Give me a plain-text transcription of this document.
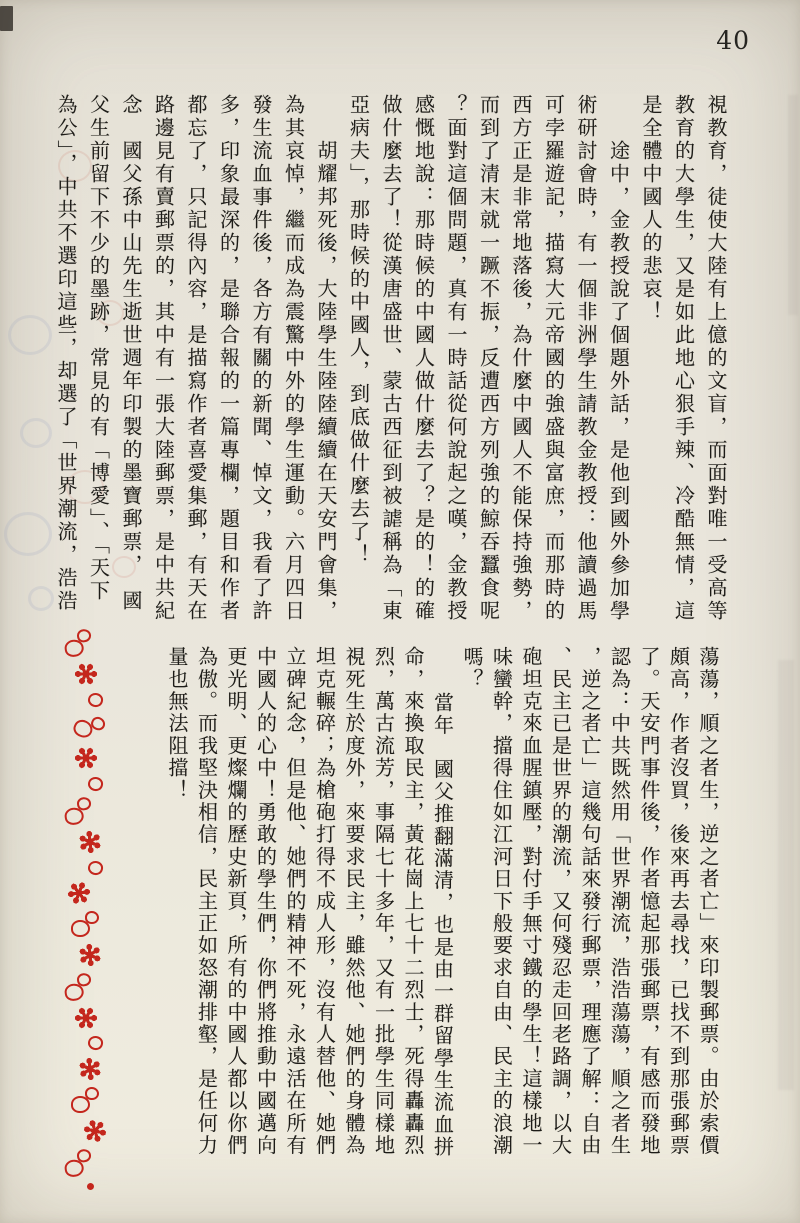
40
視教育，徒使大陸有上億的文盲，而面對唯一受高等
教育的大學生，又是如此地心狠手辣、冷酷無情，這
是全體中國人的悲哀！
途中，金教授說了個題外話，是他到國外參加學
術研討會時，有一個非洲學生請教金教授：他讀過馬
可孛羅遊記，描寫大元帝國的強盛與富庶，而那時的
西方正是非常地落後，為什麼中國人不能保持強勢，
而到了清末就一蹶不振，反遭西方列強的鯨吞蠶食呢
？面對這個問題，真有一時話從何說起之嘆，金教授
感慨地說：那時候的中國人做什麼去了？是的！的確
做什麼去了！從漢唐盛世、蒙古西征到被謔稱為「東
亞病夫」，那時候的中國人，到底做什麼去了！
胡耀邦死後，大陸學生陸陸續續在天安門會集，
為其哀悼，繼而成為震驚中外的學生運動。六月四日
發生流血事件後，各方有關的新聞、悼文，我看了許
多，印象最深的，是聯合報的一篇專欄，題目和作者
都忘了，只記得內容，是描寫作者喜愛集郵，有天在
路邊見有賣郵票的，其中有一張大陸郵票，是中共紀
念　國父孫中山先生逝世週年印製的墨寶郵票，　國
父生前留下不少的墨跡，常見的有「博愛」、「天下
為公」，中共不選印這些，却選了「世界潮流，浩浩
蕩蕩，順之者生，逆之者亡」來印製郵票。由於索價
頗高，作者沒買，後來再去尋找，已找不到那張郵票
了。天安門事件後，作者憶起那張郵票，有感而發地
認為：中共既然用「世界潮流，浩浩蕩蕩，順之者生
，逆之者亡」這幾句話來發行郵票，理應了解：自由
、民主已是世界的潮流，又何殘忍走回老路調，以大
砲坦克來血腥鎮壓，對付手無寸鐵的學生！這樣地一
味蠻幹，擋得住如江河日下般要求自由、民主的浪潮
嗎？
當年　國父推翻滿清，也是由一群留學生流血拼
命，來換取民主，黃花崗上七十二烈士，死得轟轟烈
烈，萬古流芳，事隔七十多年，又有一批學生同樣地
視死生於度外，來要求民主，雖然他、她們的身體為
坦克輾碎；為槍砲打得不成人形，沒有人替他、她們
立碑紀念，但是他、她們的精神不死，永遠活在所有
中國人的心中！勇敢的學生們，你們將推動中國邁向
更光明、更燦爛的歷史新頁，所有的中國人都以你們
為傲。而我堅決相信，民主正如怒潮排壑，是任何力
量也無法阻擋！
